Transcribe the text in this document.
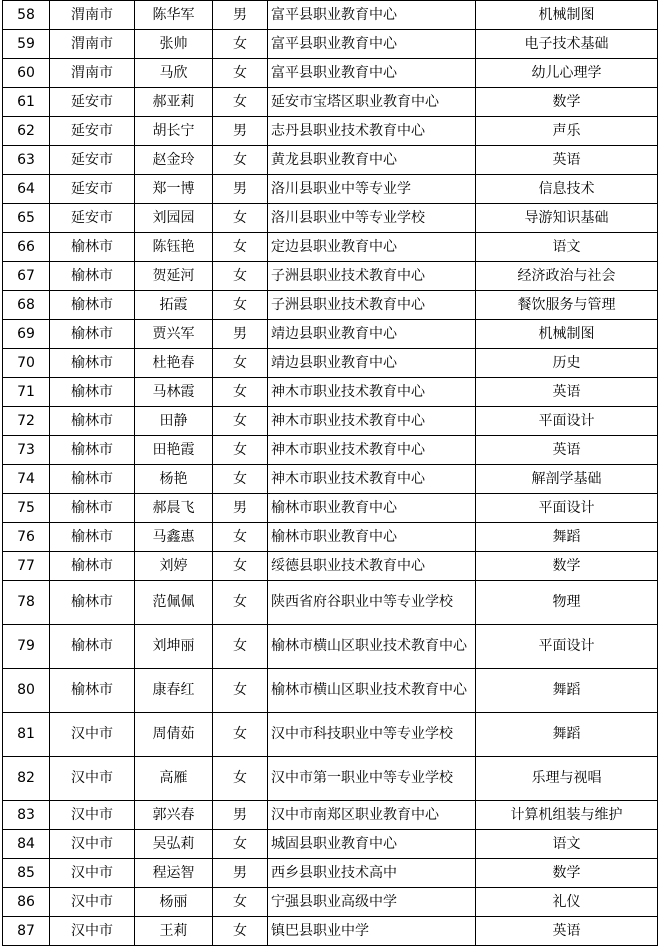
58	渭南市	陈华军	男	富平县职业教育中心	机械制图
59	渭南市	张帅	女	富平县职业教育中心	电子技术基础
60	渭南市	马欣	女	富平县职业教育中心	幼儿心理学
61	延安市	郝亚莉	女	延安市宝塔区职业教育中心	数学
62	延安市	胡长宁	男	志丹县职业技术教育中心	声乐
63	延安市	赵金玲	女	黄龙县职业教育中心	英语
64	延安市	郑一博	男	洛川县职业中等专业学	信息技术
65	延安市	刘园园	女	洛川县职业中等专业学校	导游知识基础
66	榆林市	陈钰艳	女	定边县职业教育中心	语文
67	榆林市	贺延河	女	子洲县职业技术教育中心	经济政治与社会
68	榆林市	拓霞	女	子洲县职业技术教育中心	餐饮服务与管理
69	榆林市	贾兴军	男	靖边县职业教育中心	机械制图
70	榆林市	杜艳春	女	靖边县职业教育中心	历史
71	榆林市	马林霞	女	神木市职业技术教育中心	英语
72	榆林市	田静	女	神木市职业技术教育中心	平面设计
73	榆林市	田艳霞	女	神木市职业技术教育中心	英语
74	榆林市	杨艳	女	神木市职业技术教育中心	解剖学基础
75	榆林市	郝晨飞	男	榆林市职业教育中心	平面设计
76	榆林市	马鑫惠	女	榆林市职业教育中心	舞蹈
77	榆林市	刘婷	女	绥德县职业技术教育中心	数学
78	榆林市	范佩佩	女	陕西省府谷职业中等专业学校	物理
79	榆林市	刘坤丽	女	榆林市横山区职业技术教育中心	平面设计
80	榆林市	康春红	女	榆林市横山区职业技术教育中心	舞蹈
81	汉中市	周倩茹	女	汉中市科技职业中等专业学校	舞蹈
82	汉中市	高雁	女	汉中市第一职业中等专业学校	乐理与视唱
83	汉中市	郭兴春	男	汉中市南郑区职业教育中心	计算机组装与维护
84	汉中市	吴弘莉	女	城固县职业教育中心	语文
85	汉中市	程运智	男	西乡县职业技术高中	数学
86	汉中市	杨丽	女	宁强县职业高级中学	礼仪
87	汉中市	王莉	女	镇巴县职业中学	英语
